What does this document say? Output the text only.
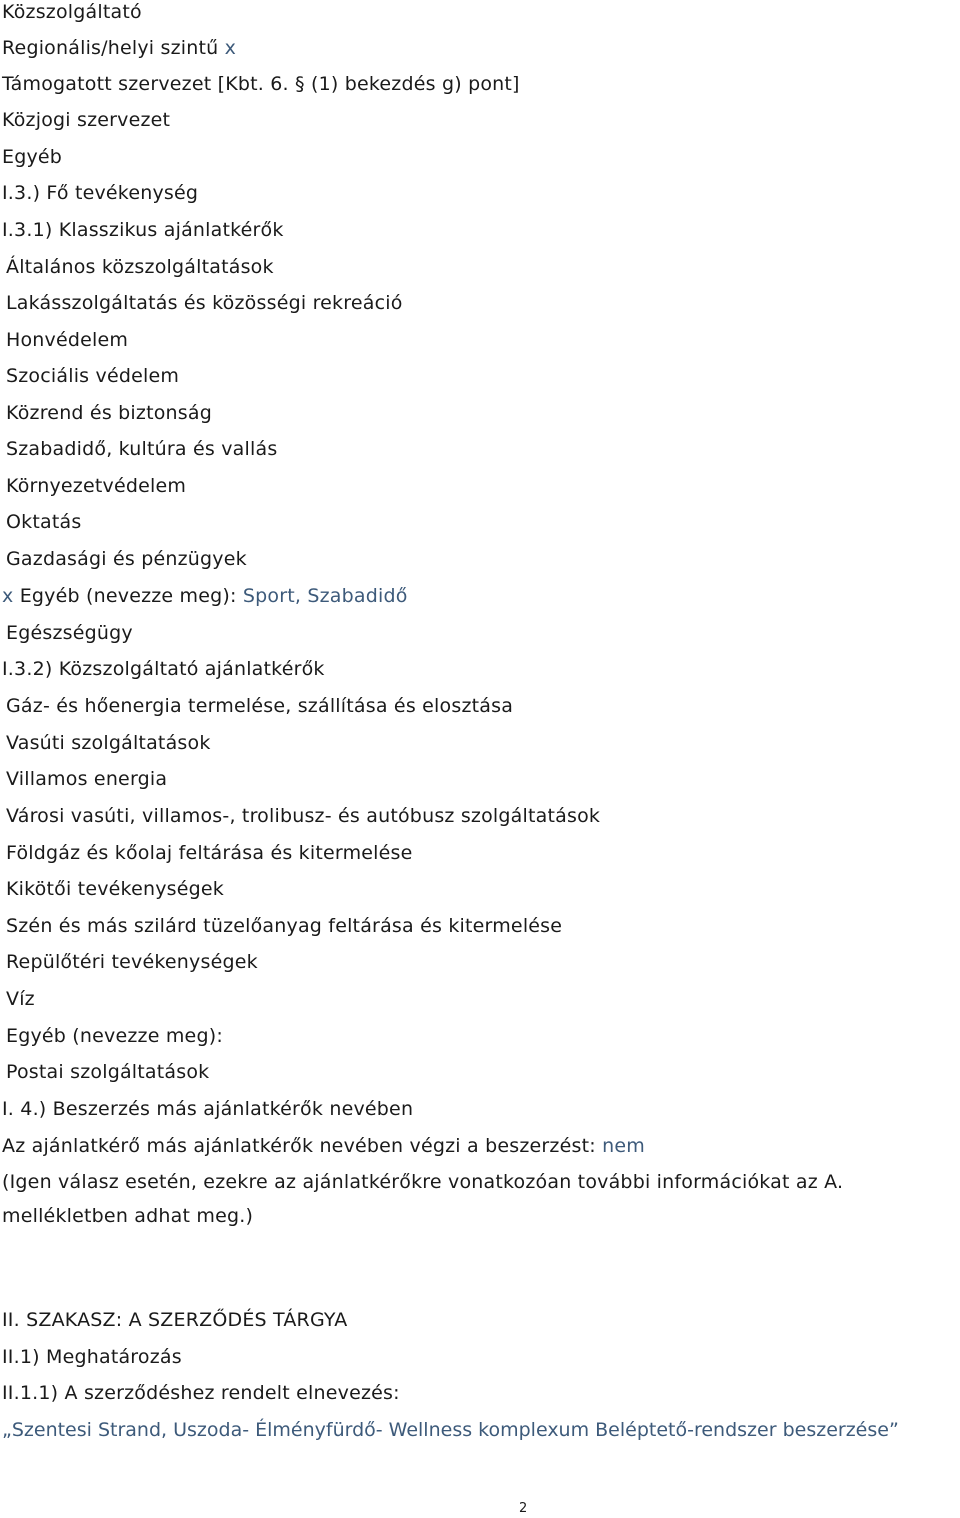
Közszolgáltató

Regionális/helyi szintű x

Támogatott szervezet [Kbt. 6. § (1) bekezdés g) pont]

Közjogi szervezet

Egyéb

I.3.) Fő tevékenység

I.3.1) Klasszikus ajánlatkérők

Általános közszolgáltatások

Lakásszolgáltatás és közösségi rekreáció

Honvédelem

Szociális védelem

Közrend és biztonság

Szabadidő, kultúra és vallás

Környezetvédelem

Oktatás

Gazdasági és pénzügyek

x Egyéb (nevezze meg): Sport, Szabadidő

Egészségügy

I.3.2) Közszolgáltató ajánlatkérők

Gáz- és hőenergia termelése, szállítása és elosztása

Vasúti szolgáltatások

Villamos energia

Városi vasúti, villamos-, trolibusz- és autóbusz szolgáltatások

Földgáz és kőolaj feltárása és kitermelése

Kikötői tevékenységek

Szén és más szilárd tüzelőanyag feltárása és kitermelése

Repülőtéri tevékenységek

Víz

Egyéb (nevezze meg):

Postai szolgáltatások

I. 4.) Beszerzés más ajánlatkérők nevében

Az ajánlatkérő más ajánlatkérők nevében végzi a beszerzést: nem

(Igen válasz esetén, ezekre az ajánlatkérőkre vonatkozóan további információkat az A. mellékletben adhat meg.)

II. SZAKASZ: A SZERZŐDÉS TÁRGYA

II.1) Meghatározás

II.1.1) A szerződéshez rendelt elnevezés:

„Szentesi Strand, Uszoda- Élményfürdő- Wellness komplexum Beléptető-rendszer beszerzése”

2
